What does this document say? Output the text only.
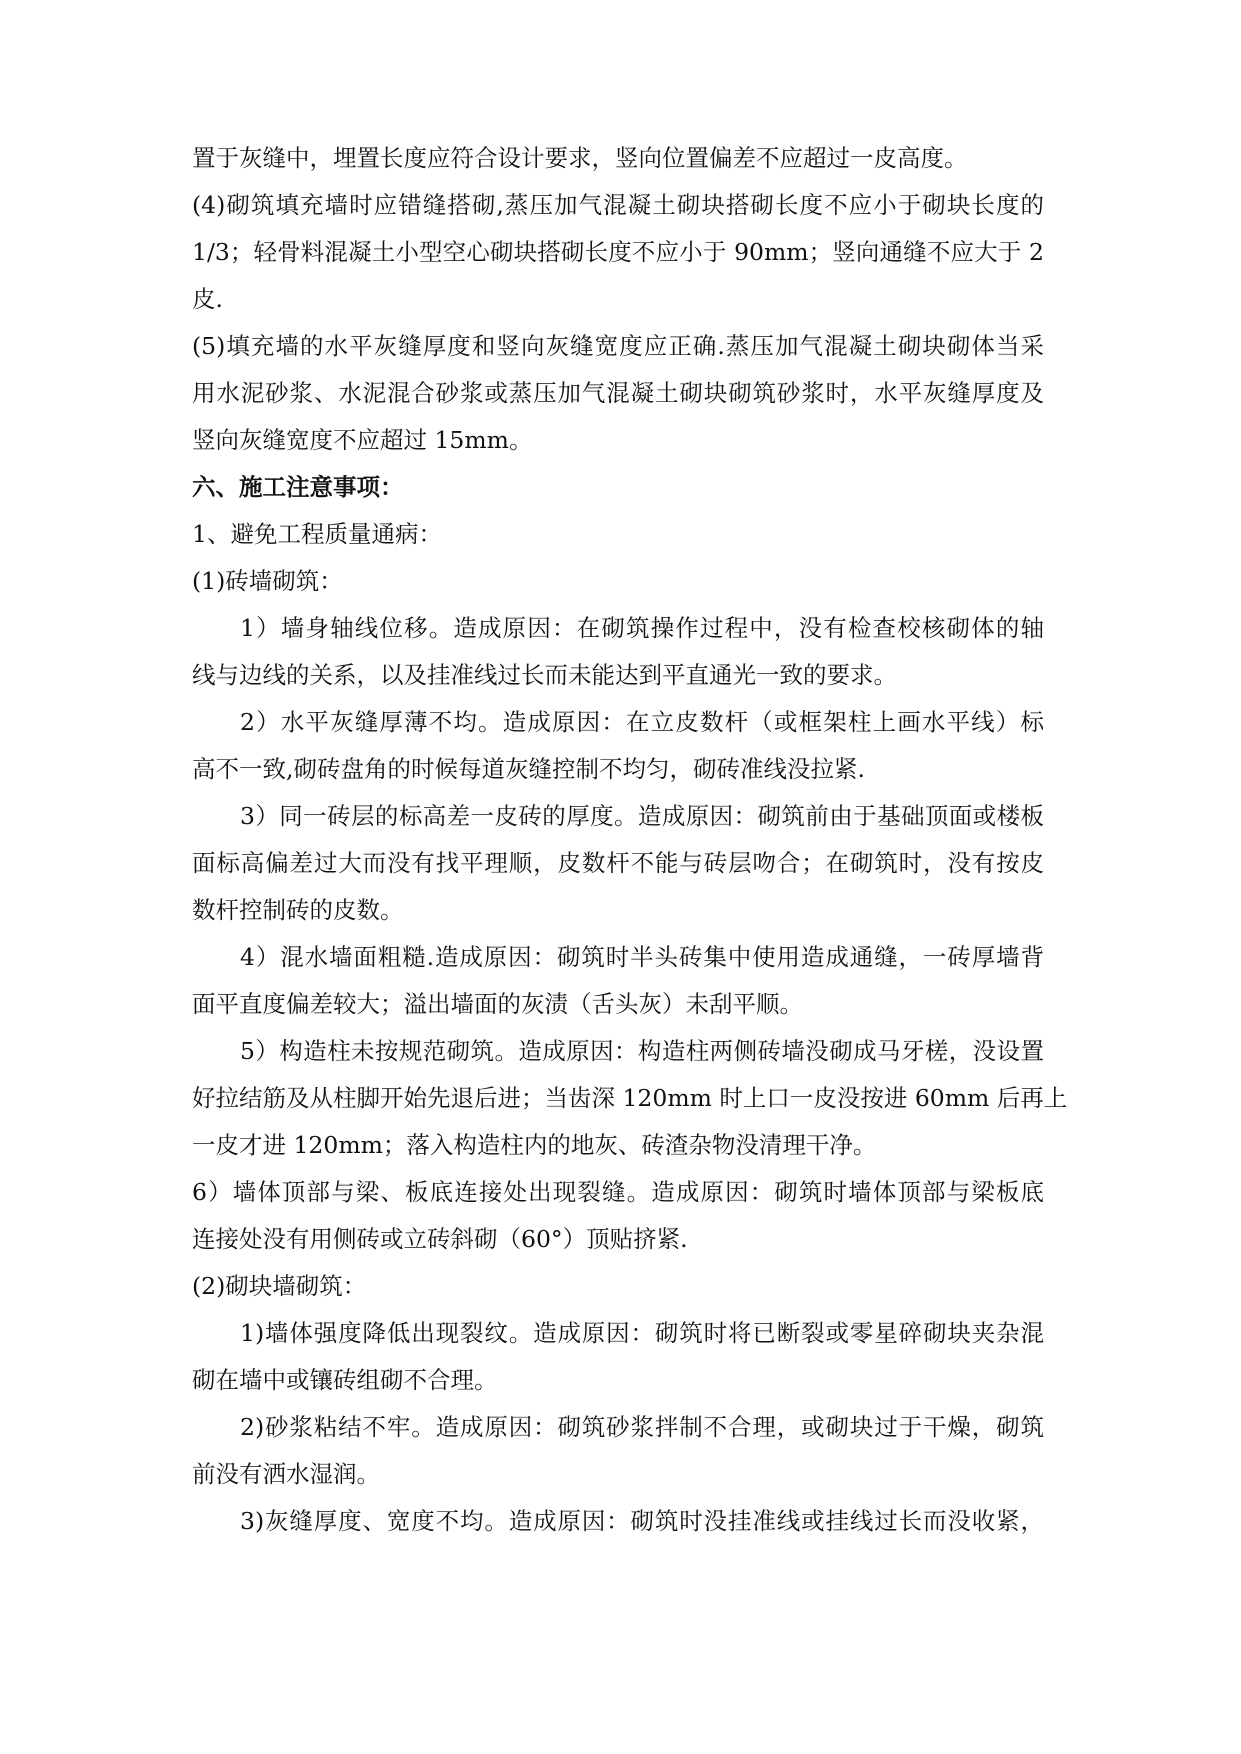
置于灰缝中，埋置长度应符合设计要求，竖向位置偏差不应超过一皮高度。
(4)砌筑填充墙时应错缝搭砌,蒸压加气混凝土砌块搭砌长度不应小于砌块长度的
1/3；轻骨料混凝土小型空心砌块搭砌长度不应小于 90mm；竖向通缝不应大于 2
皮.
(5)填充墙的水平灰缝厚度和竖向灰缝宽度应正确.蒸压加气混凝土砌块砌体当采
用水泥砂浆、水泥混合砂浆或蒸压加气混凝土砌块砌筑砂浆时，水平灰缝厚度及
竖向灰缝宽度不应超过 15mm。
六、施工注意事项：
1、避免工程质量通病：
(1)砖墙砌筑：
1）墙身轴线位移。造成原因：在砌筑操作过程中，没有检查校核砌体的轴
线与边线的关系，以及挂准线过长而未能达到平直通光一致的要求。
2）水平灰缝厚薄不均。造成原因：在立皮数杆（或框架柱上画水平线）标
高不一致,砌砖盘角的时候每道灰缝控制不均匀，砌砖准线没拉紧.
3）同一砖层的标高差一皮砖的厚度。造成原因：砌筑前由于基础顶面或楼板
面标高偏差过大而没有找平理顺，皮数杆不能与砖层吻合；在砌筑时，没有按皮
数杆控制砖的皮数。
4）混水墙面粗糙.造成原因：砌筑时半头砖集中使用造成通缝，一砖厚墙背
面平直度偏差较大；溢出墙面的灰渍（舌头灰）未刮平顺。
5）构造柱未按规范砌筑。造成原因：构造柱两侧砖墙没砌成马牙槎，没设置
好拉结筋及从柱脚开始先退后进；当齿深 120mm 时上口一皮没按进 60mm 后再上
一皮才进 120mm；落入构造柱内的地灰、砖渣杂物没清理干净。
6）墙体顶部与梁、板底连接处出现裂缝。造成原因：砌筑时墙体顶部与梁板底
连接处没有用侧砖或立砖斜砌（60°）顶贴挤紧.
(2)砌块墙砌筑：
1)墙体强度降低出现裂纹。造成原因：砌筑时将已断裂或零星碎砌块夹杂混
砌在墙中或镶砖组砌不合理。
2)砂浆粘结不牢。造成原因：砌筑砂浆拌制不合理，或砌块过于干燥，砌筑
前没有洒水湿润。
3)灰缝厚度、宽度不均。造成原因：砌筑时没挂准线或挂线过长而没收紧，
